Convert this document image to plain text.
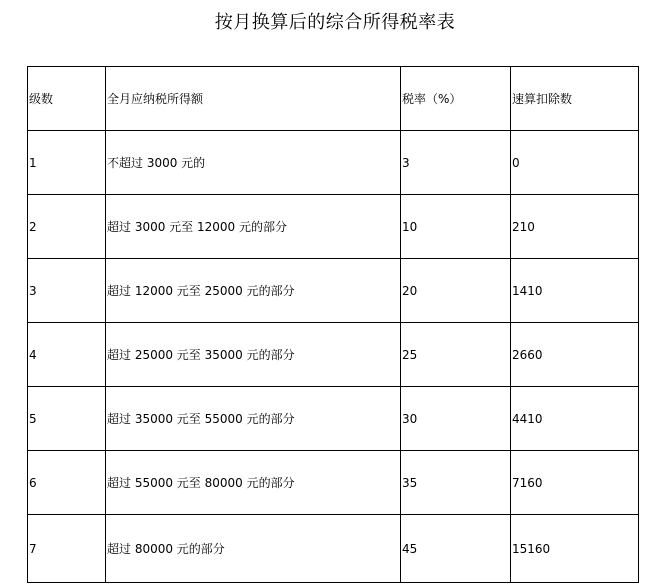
按月换算后的综合所得税率表
级数	全月应纳税所得额	税率（%）	速算扣除数
1	不超过 3000 元的	3	0
2	超过 3000 元至 12000 元的部分	10	210
3	超过 12000 元至 25000 元的部分	20	1410
4	超过 25000 元至 35000 元的部分	25	2660
5	超过 35000 元至 55000 元的部分	30	4410
6	超过 55000 元至 80000 元的部分	35	7160
7	超过 80000 元的部分	45	15160
